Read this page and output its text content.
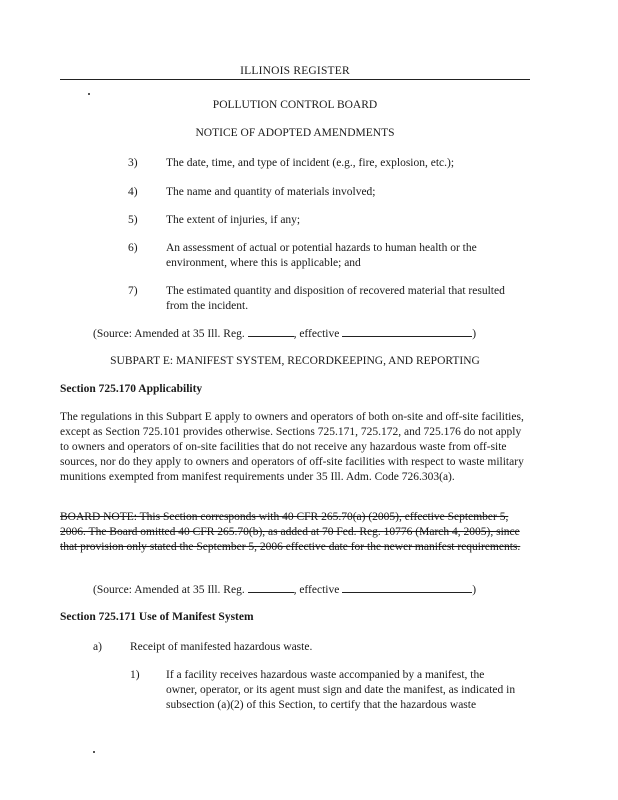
ILLINOIS REGISTER
POLLUTION CONTROL BOARD
NOTICE OF ADOPTED AMENDMENTS
3) The date, time, and type of incident (e.g., fire, explosion, etc.);
4) The name and quantity of materials involved;
5) The extent of injuries, if any;
6) An assessment of actual or potential hazards to human health or the environment, where this is applicable; and
7) The estimated quantity and disposition of recovered material that resulted from the incident.
(Source: Amended at 35 Ill. Reg.	, effective	)
SUBPART E: MANIFEST SYSTEM, RECORDKEEPING, AND REPORTING
Section 725.170 Applicability
The regulations in this Subpart E apply to owners and operators of both on-site and off-site facilities, except as Section 725.101 provides otherwise. Sections 725.171, 725.172, and 725.176 do not apply to owners and operators of on-site facilities that do not receive any hazardous waste from off-site sources, nor do they apply to owners and operators of off-site facilities with respect to waste military munitions exempted from manifest requirements under 35 Ill. Adm. Code 726.303(a).
BOARD NOTE: This Section corresponds with 40 CFR 265.70(a) (2005), effective September 5, 2006. The Board omitted 40 CFR 265.70(b), as added at 70 Fed. Reg. 10776 (March 4, 2005), since that provision only stated the September 5, 2006 effective date for the newer manifest requirements.
(Source: Amended at 35 Ill. Reg.	, effective	)
Section 725.171 Use of Manifest System
a) Receipt of manifested hazardous waste.
1) If a facility receives hazardous waste accompanied by a manifest, the owner, operator, or its agent must sign and date the manifest, as indicated in subsection (a)(2) of this Section, to certify that the hazardous waste
